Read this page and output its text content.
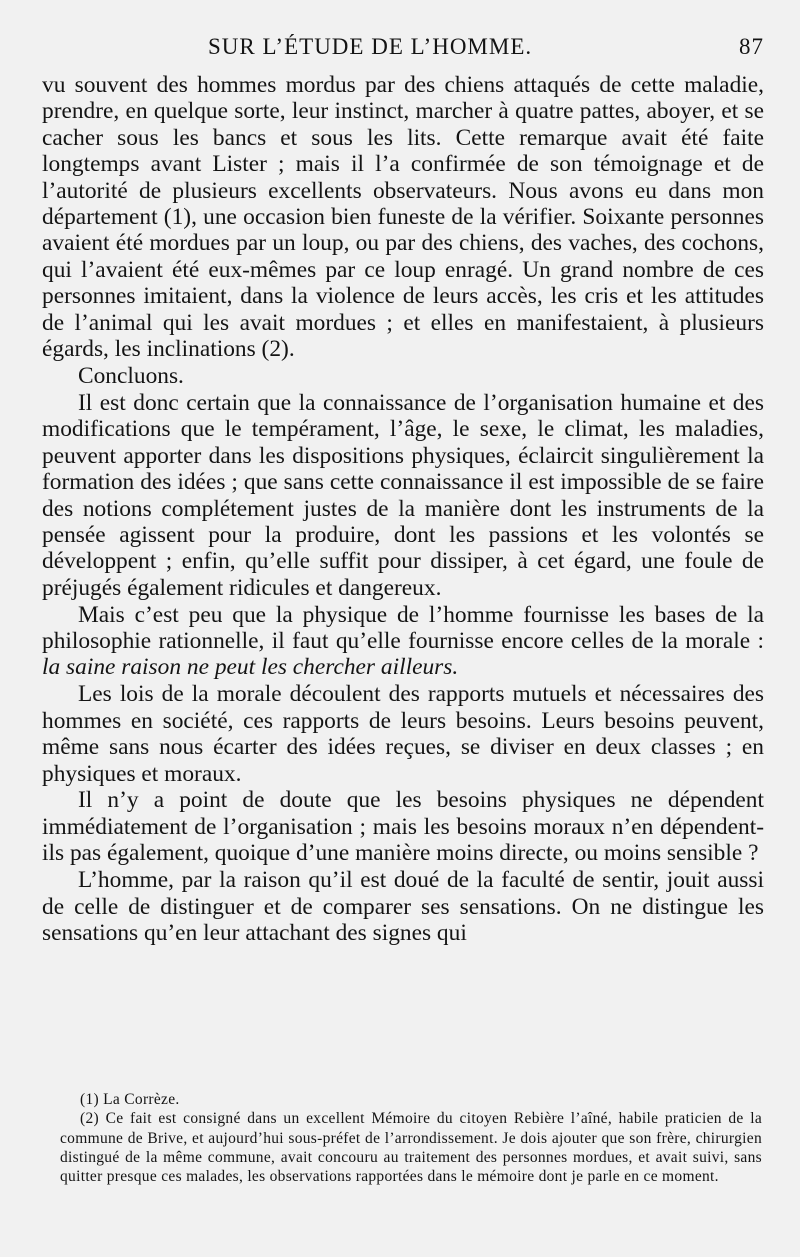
SUR L’ÉTUDE DE L’HOMME.	87

vu souvent des hommes mordus par des chiens attaqués de cette maladie, prendre, en quelque sorte, leur instinct, marcher à quatre pattes, aboyer, et se cacher sous les bancs et sous les lits. Cette remarque avait été faite longtemps avant Lister ; mais il l’a confirmée de son témoignage et de l’autorité de plusieurs excellents observateurs. Nous avons eu dans mon département (1), une occasion bien funeste de la vérifier. Soixante personnes avaient été mordues par un loup, ou par des chiens, des vaches, des cochons, qui l’avaient été eux-mêmes par ce loup enragé. Un grand nombre de ces personnes imitaient, dans la violence de leurs accès, les cris et les attitudes de l’animal qui les avait mordues ; et elles en manifestaient, à plusieurs égards, les inclinations (2).

Concluons.

Il est donc certain que la connaissance de l’organisation humaine et des modifications que le tempérament, l’âge, le sexe, le climat, les maladies, peuvent apporter dans les dispositions physiques, éclaircit singulièrement la formation des idées ; que sans cette connaissance il est impossible de se faire des notions complétement justes de la manière dont les instruments de la pensée agissent pour la produire, dont les passions et les volontés se développent ; enfin, qu’elle suffit pour dissiper, à cet égard, une foule de préjugés également ridicules et dangereux.

Mais c’est peu que la physique de l’homme fournisse les bases de la philosophie rationnelle, il faut qu’elle fournisse encore celles de la morale : la saine raison ne peut les chercher ailleurs.

Les lois de la morale découlent des rapports mutuels et nécessaires des hommes en société, ces rapports de leurs besoins. Leurs besoins peuvent, même sans nous écarter des idées reçues, se diviser en deux classes ; en physiques et moraux.

Il n’y a point de doute que les besoins physiques ne dépendent immédiatement de l’organisation ; mais les besoins moraux n’en dépendent-ils pas également, quoique d’une manière moins directe, ou moins sensible ?

L’homme, par la raison qu’il est doué de la faculté de sentir, jouit aussi de celle de distinguer et de comparer ses sensations. On ne distingue les sensations qu’en leur attachant des signes qui

(1) La Corrèze.

(2) Ce fait est consigné dans un excellent Mémoire du citoyen Rebière l’aîné, habile praticien de la commune de Brive, et aujourd’hui sous-préfet de l’arrondissement. Je dois ajouter que son frère, chirurgien distingué de la même commune, avait concouru au traitement des personnes mordues, et avait suivi, sans quitter presque ces malades, les observations rapportées dans le mémoire dont je parle en ce moment.
